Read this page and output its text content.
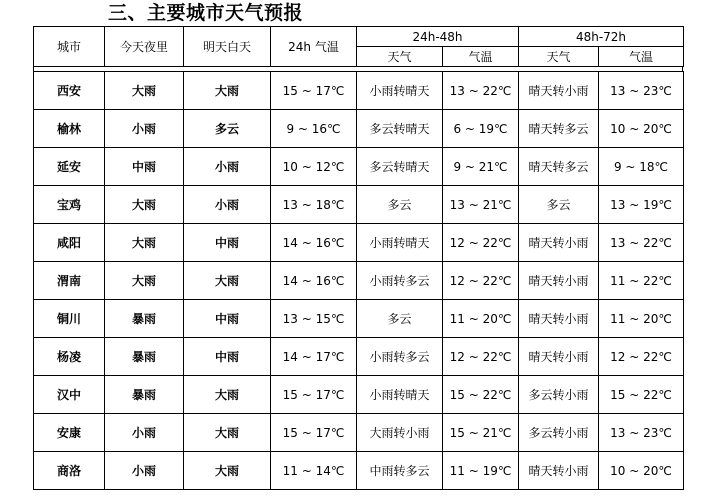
三、主要城市天气预报
城市	今天夜里	明天白天	24h 气温	24h-48h		48h-72h	
				天气	气温	天气	气温
西安	大雨	大雨	15 ~ 17℃	小雨转晴天	13 ~ 22℃	晴天转小雨	13 ~ 23℃
榆林	小雨	多云	9 ~ 16℃	多云转晴天	6 ~ 19℃	晴天转多云	10 ~ 20℃
延安	中雨	小雨	10 ~ 12℃	多云转晴天	9 ~ 21℃	晴天转多云	9 ~ 18℃
宝鸡	大雨	小雨	13 ~ 18℃	多云	13 ~ 21℃	多云	13 ~ 19℃
咸阳	大雨	中雨	14 ~ 16℃	小雨转晴天	12 ~ 22℃	晴天转小雨	13 ~ 22℃
渭南	大雨	大雨	14 ~ 16℃	小雨转多云	12 ~ 22℃	晴天转小雨	11 ~ 22℃
铜川	暴雨	中雨	13 ~ 15℃	多云	11 ~ 20℃	晴天转小雨	11 ~ 20℃
杨凌	暴雨	中雨	14 ~ 17℃	小雨转多云	12 ~ 22℃	晴天转小雨	12 ~ 22℃
汉中	暴雨	大雨	15 ~ 17℃	小雨转晴天	15 ~ 22℃	多云转小雨	15 ~ 22℃
安康	小雨	大雨	15 ~ 17℃	大雨转小雨	15 ~ 21℃	多云转小雨	13 ~ 23℃
商洛	小雨	大雨	11 ~ 14℃	中雨转多云	11 ~ 19℃	晴天转小雨	10 ~ 20℃
